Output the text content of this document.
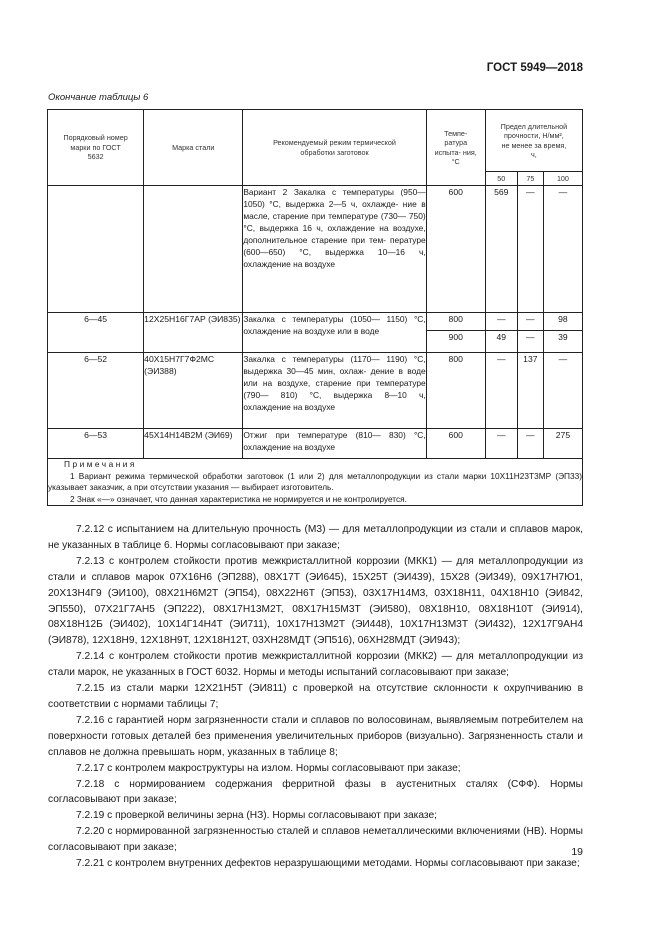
ГОСТ 5949—2018
Окончание таблицы 6
Порядковый номер марки по ГОСТ 5632	Марка стали	Рекомендуемый режим термической обработки заготовок	Темпе- ратура испыта- ния, °С	Предел длительной прочности, Н/мм², не менее за время, ч,		
				50	75	100
		Вариант 2 Закалка с температуры (950— 1050) °С, выдержка 2—5 ч, охлажде- ние в масле, старение при температуре (730— 750) °С, выдержка 16 ч, охлаждение на воздухе, дополнительное старение при тем- пературе (600—650) °С, выдержка 10—16 ч, охлаждение на воздухе	600	569	—	—
6—45	12Х25Н16Г7АР (ЭИ835)	Закалка с температуры (1050— 1150) °С, охлаждение на воздухе или в воде	800	—	—	98
			900	49	—	39
6—52	40Х15Н7Г7Ф2МС (ЭИ388)	Закалка с температуры (1170— 1190) °С, выдержка 30—45 мин, охлаж- дение в воде или на воздухе, старение при температуре (790— 810) °С, выдержка 8—10 ч, охлаждение на воздухе	800	—	137	—
6—53	45Х14Н14В2М (ЭИ69)	Отжиг при температуре (810— 830) °С, охлаждение на воздухе	600	—	—	275

Примечания
1 Вариант режима термической обработки заготовок (1 или 2) для металлопродукции из стали марки 10Х11Н23Т3МР (ЭП33) указывает заказчик, а при отсутствии указания — выбирает изготовитель.
2 Знак «—» означает, что данная характеристика не нормируется и не контролируется.						

7.2.12 с испытанием на длительную прочность (М3) — для металлопродукции из стали и сплавов марок, не указанных в таблице 6. Нормы согласовывают при заказе;

7.2.13 с контролем стойкости против межкристаллитной коррозии (МКК1) — для металлопродукции из стали и сплавов марок 07Х16Н6 (ЭП288), 08Х17Т (ЭИ645), 15Х25Т (ЭИ439), 15Х28 (ЭИ349), 09Х17Н7Ю1, 20Х13Н4Г9 (ЭИ100), 08Х21Н6М2Т (ЭП54), 08Х22Н6Т (ЭП53), 03Х17Н14М3, 03Х18Н11, 04Х18Н10 (ЭИ842, ЭП550), 07Х21Г7АН5 (ЭП222), 08Х17Н13М2Т, 08Х17Н15М3Т (ЭИ580), 08Х18Н10, 08Х18Н10Т (ЭИ914), 08Х18Н12Б (ЭИ402), 10Х14Г14Н4Т (ЭИ711), 10Х17Н13М2Т (ЭИ448), 10Х17Н13М3Т (ЭИ432), 12Х17Г9АН4 (ЭИ878), 12Х18Н9, 12Х18Н9Т, 12Х18Н12Т, 03ХН28МДТ (ЭП516), 06ХН28МДТ (ЭИ943);

7.2.14 с контролем стойкости против межкристаллитной коррозии (МКК2) — для металлопродукции из стали марок, не указанных в ГОСТ 6032. Нормы и методы испытаний согласовывают при заказе;

7.2.15 из стали марки 12Х21Н5Т (ЭИ811) с проверкой на отсутствие склонности к охрупчиванию в соответствии с нормами таблицы 7;

7.2.16 с гарантией норм загрязненности стали и сплавов по волосовинам, выявляемым потребителем на поверхности готовых деталей без применения увеличительных приборов (визуально). Загрязненность стали и сплавов не должна превышать норм, указанных в таблице 8;

7.2.17 с контролем макроструктуры на излом. Нормы согласовывают при заказе;

7.2.18 с нормированием содержания ферритной фазы в аустенитных сталях (СФФ). Нормы согласовывают при заказе;

7.2.19 с проверкой величины зерна (НЗ). Нормы согласовывают при заказе;

7.2.20 с нормированной загрязненностью сталей и сплавов неметаллическими включениями (НВ). Нормы согласовывают при заказе;

7.2.21 с контролем внутренних дефектов неразрушающими методами. Нормы согласовывают при заказе;

19
